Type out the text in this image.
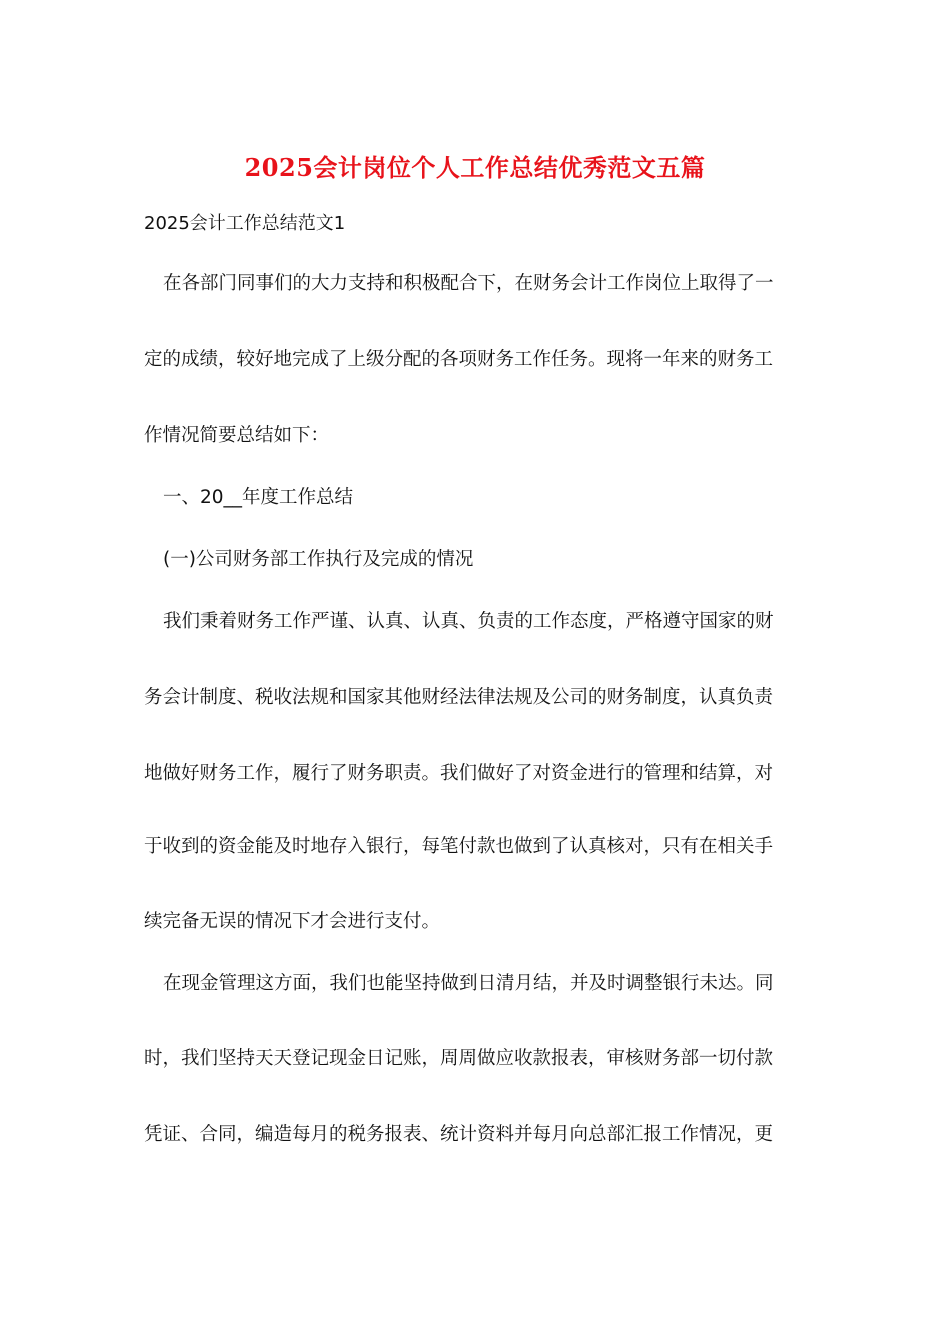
2025会计岗位个人工作总结优秀范文五篇
2025会计工作总结范文1
在各部门同事们的大力支持和积极配合下，在财务会计工作岗位上取得了一
定的成绩，较好地完成了上级分配的各项财务工作任务。现将一年来的财务工
作情况简要总结如下：
一、20__年度工作总结
(一)公司财务部工作执行及完成的情况
我们秉着财务工作严谨、认真、认真、负责的工作态度，严格遵守国家的财
务会计制度、税收法规和国家其他财经法律法规及公司的财务制度，认真负责
地做好财务工作，履行了财务职责。我们做好了对资金进行的管理和结算，对
于收到的资金能及时地存入银行，每笔付款也做到了认真核对，只有在相关手
续完备无误的情况下才会进行支付。
在现金管理这方面，我们也能坚持做到日清月结，并及时调整银行未达。同
时，我们坚持天天登记现金日记账，周周做应收款报表，审核财务部一切付款
凭证、合同，编造每月的税务报表、统计资料并每月向总部汇报工作情况，更
